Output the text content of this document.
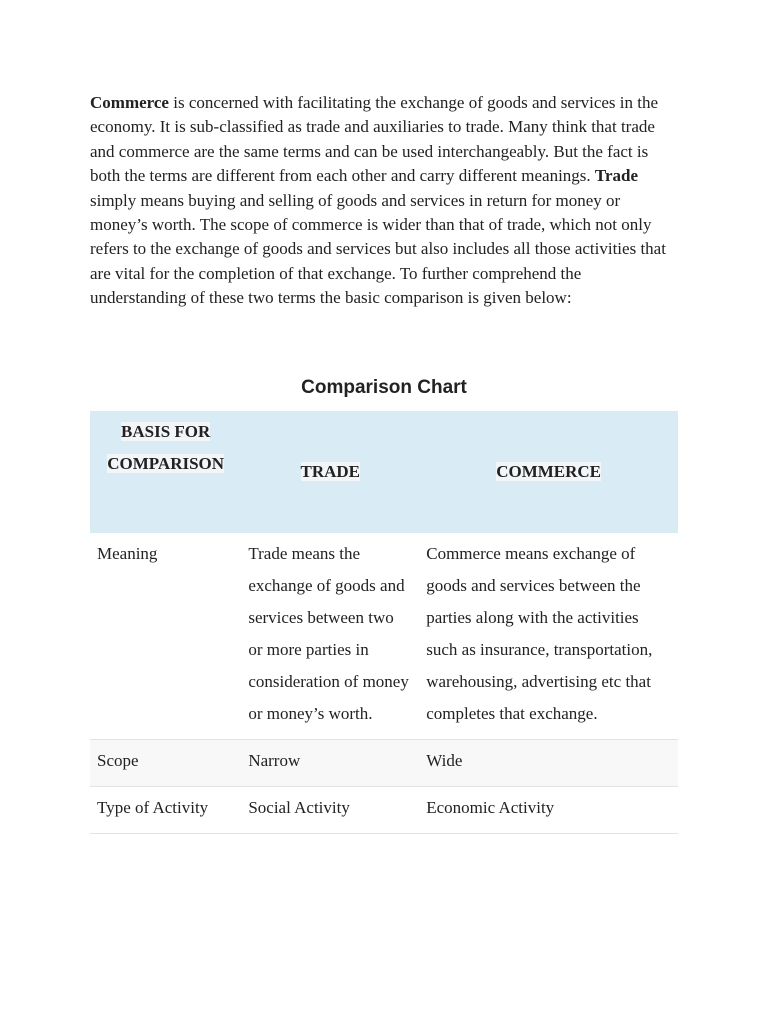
Commerce is concerned with facilitating the exchange of goods and services in the economy. It is sub-classified as trade and auxiliaries to trade. Many think that trade and commerce are the same terms and can be used interchangeably. But the fact is both the terms are different from each other and carry different meanings. Trade simply means buying and selling of goods and services in return for money or money’s worth. The scope of commerce is wider than that of trade, which not only refers to the exchange of goods and services but also includes all those activities that are vital for the completion of that exchange. To further comprehend the understanding of these two terms the basic comparison is given below:

Comparison Chart
BASIS FOR COMPARISON	TRADE	COMMERCE
Meaning	Trade means the exchange of goods and services between two or more parties in consideration of money or money’s worth.	Commerce means exchange of goods and services between the parties along with the activities such as insurance, transportation, warehousing, advertising etc that completes that exchange.
Scope	Narrow	Wide
Type of Activity	Social Activity	Economic Activity
